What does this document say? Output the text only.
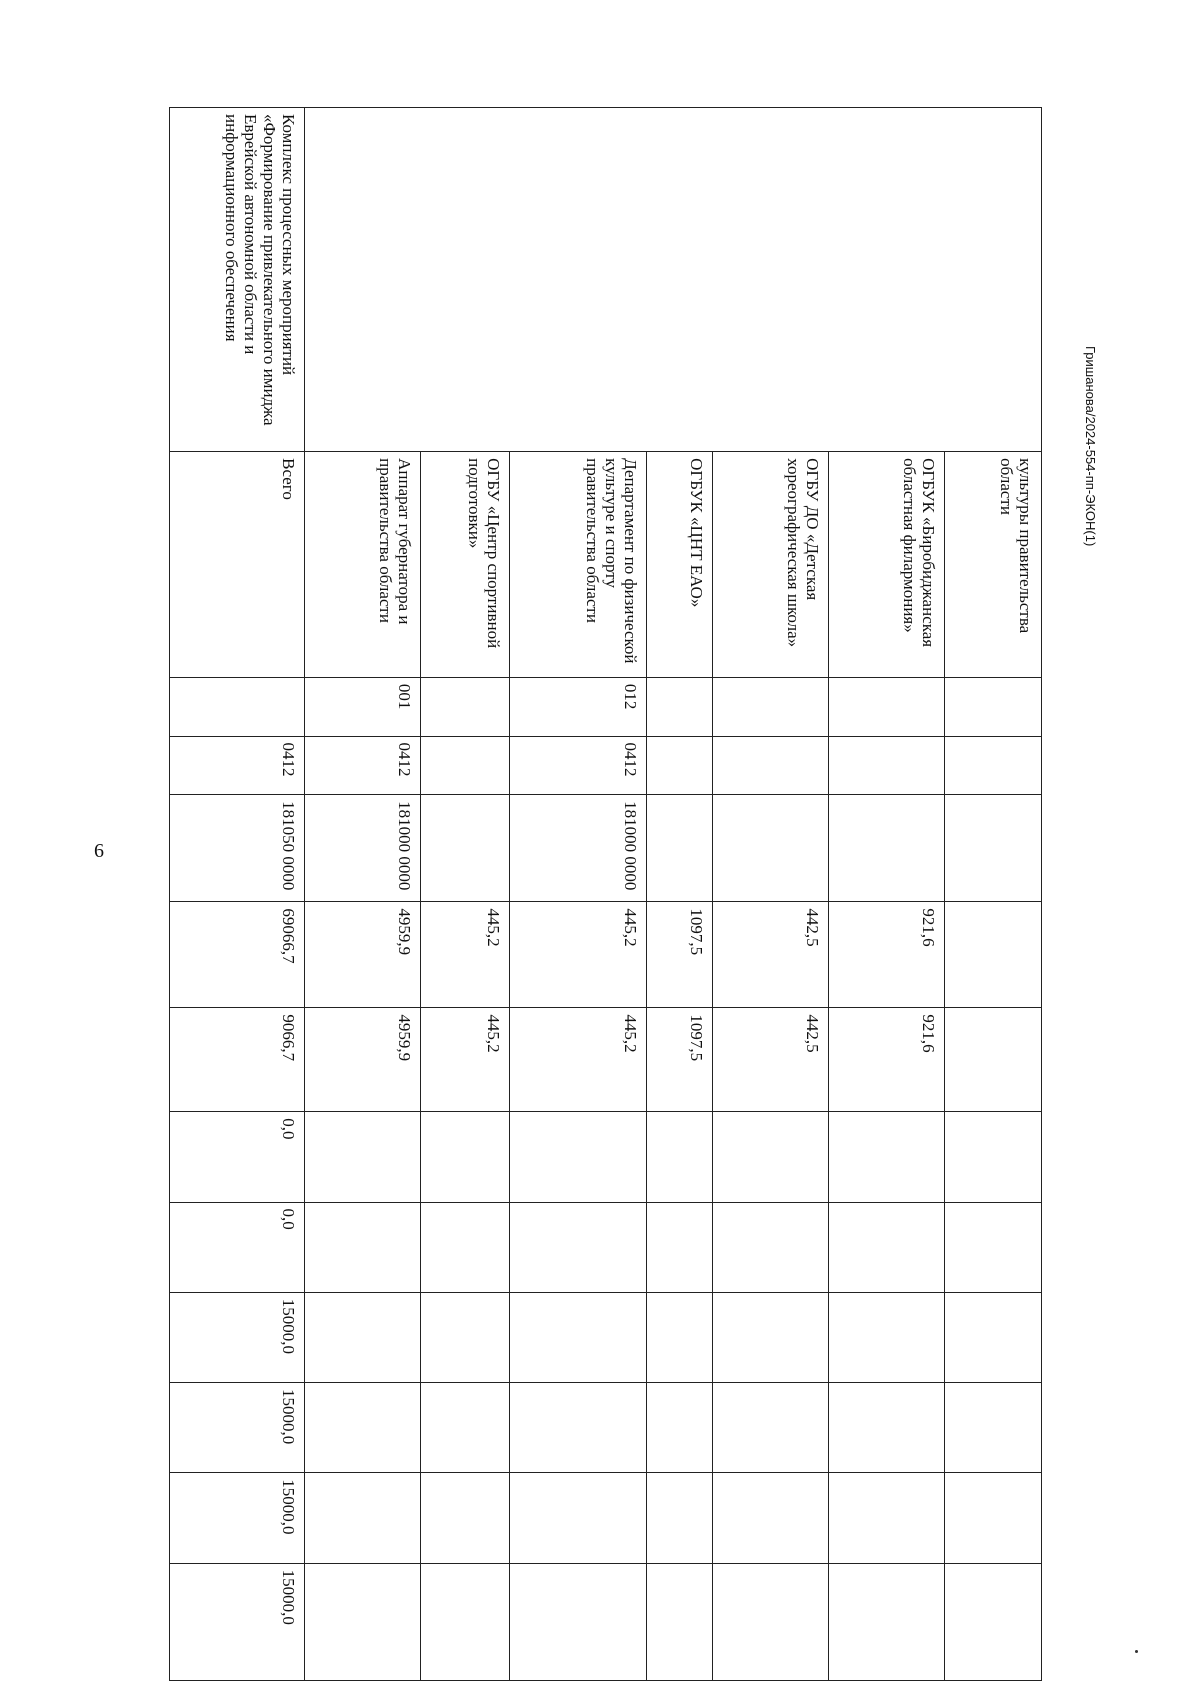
6
Гришанова/2024-554-пп-ЭКОН(1)
	культуры правительства области											
	ОГБУК «Биробиджанская областная филармония»				921,6	921,6						
	ОГБУ ДО «Детская хореографическая школа»				442,5	442,5						
	ОГБУК «ЦНТ ЕАО»				1097,5	1097,5						
	Департамент по физической культуре и спорту правительства области	012	0412	181000 0000	445,2	445,2						
	ОГБУ «Центр спортивной подготовки»				445,2	445,2						
	Аппарат губернатора и правительства области	001	0412	181000 0000	4959,9	4959,9						
Комплекс процессных мероприятий «Формирование привлекательного имиджа Еврейской автономной области и информационного обеспечения	Всего		0412	181050 0000	69066,7	9066,7	0,0	0,0	15000,0	15000,0	15000,0	15000,0
